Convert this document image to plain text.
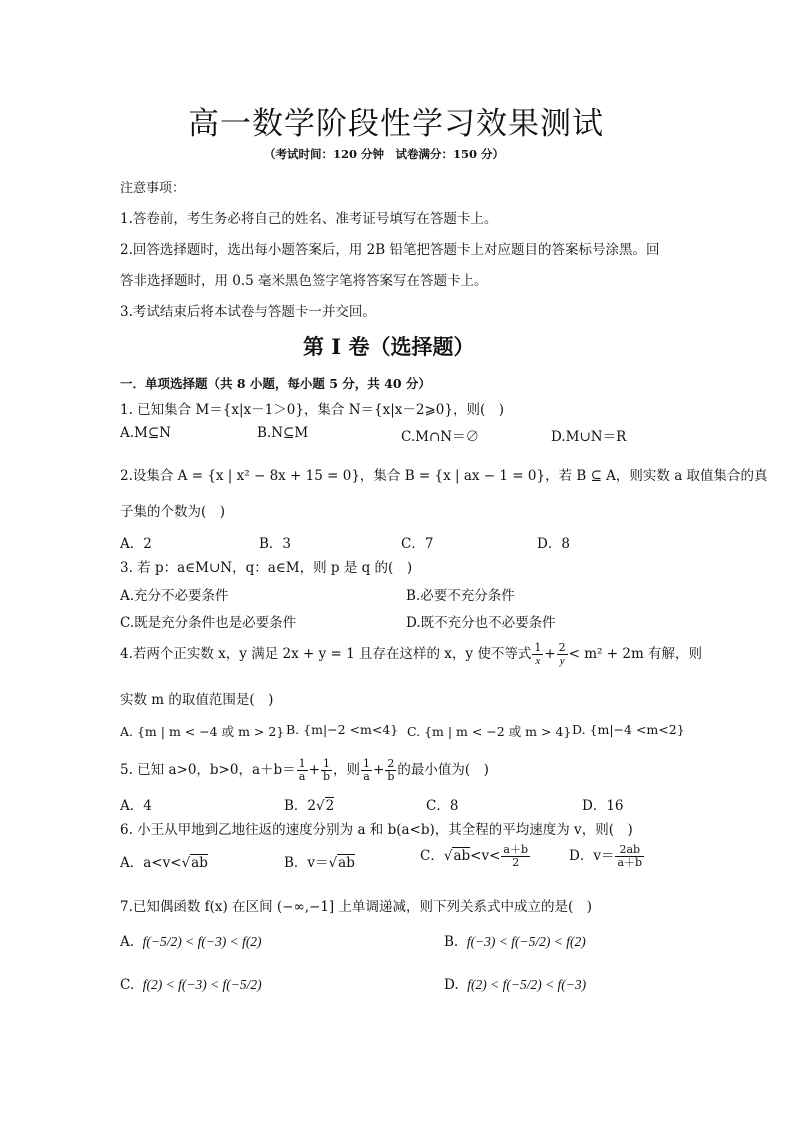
高一数学阶段性学习效果测试
（考试时间：120 分钟　试卷满分：150 分）
注意事项：
1.答卷前，考生务必将自己的姓名、准考证号填写在答题卡上。
2.回答选择题时，选出每小题答案后，用 2B 铅笔把答题卡上对应题目的答案标号涂黑。回
答非选择题时，用 0.5 毫米黑色签字笔将答案写在答题卡上。
3.考试结束后将本试卷与答题卡一并交回。
第 I 卷（选择题）
一．单项选择题（共 8 小题，每小题 5 分，共 40 分）
1. 已知集合 M＝{x|x－1＞0}，集合 N＝{x|x－2⩾0}，则(　)
A.M⊆N	B.N⊆M	C.M∩N＝∅	D.M∪N＝R
2.设集合 A = {x | x² − 8x + 15 = 0}，集合 B = {x | ax − 1 = 0}，若 B ⊆ A，则实数 a 取值集合的真
子集的个数为(　)
A．2	B．3	C．7	D．8
3. 若 p：a∈M∪N，q：a∈M，则 p 是 q 的(　)
A.充分不必要条件	B.必要不充分条件
C.既是充分条件也是必要条件	D.既不充分也不必要条件
4.若两个正实数 x，y 满足 2x + y = 1 且存在这样的 x，y 使不等式 $\frac{1}{x} + \frac{2}{y} < m^2 + 2m$ 有解，则
实数 m 的取值范围是(　)
A. {m | m < −4 或 m > 2} B. {m|−2 <m<4} C. {m | m < −2 或 m > 4} D. {m|−4 <m<2}
5. 已知 a>0，b>0，$a+b= \frac{1}{a} + \frac{1}{b}$ ，则 $\frac{1}{a} + \frac{2}{b}$ 的最小值为(　)
A．4	B．2√2	C．8	D．16
6. 小王从甲地到乙地往返的速度分别为 a 和 b(a<b)，其全程的平均速度为 v，则(　)
A．a<v<√ab	B．v＝√ab	C．$√ab<v< \frac{a+b}{2}$	D．$v= \frac{2ab}{a+b}$
7.已知偶函数 f(x) 在区间 (−∞,−1] 上单调递减，则下列关系式中成立的是(　)
A. f(−5/2) < f(−3) < f(2)	B. f(−3) < f(−5/2) < f(2)
C. f(2) < f(−3) < f(−5/2)	D. f(2) < f(−5/2) < f(−3)
